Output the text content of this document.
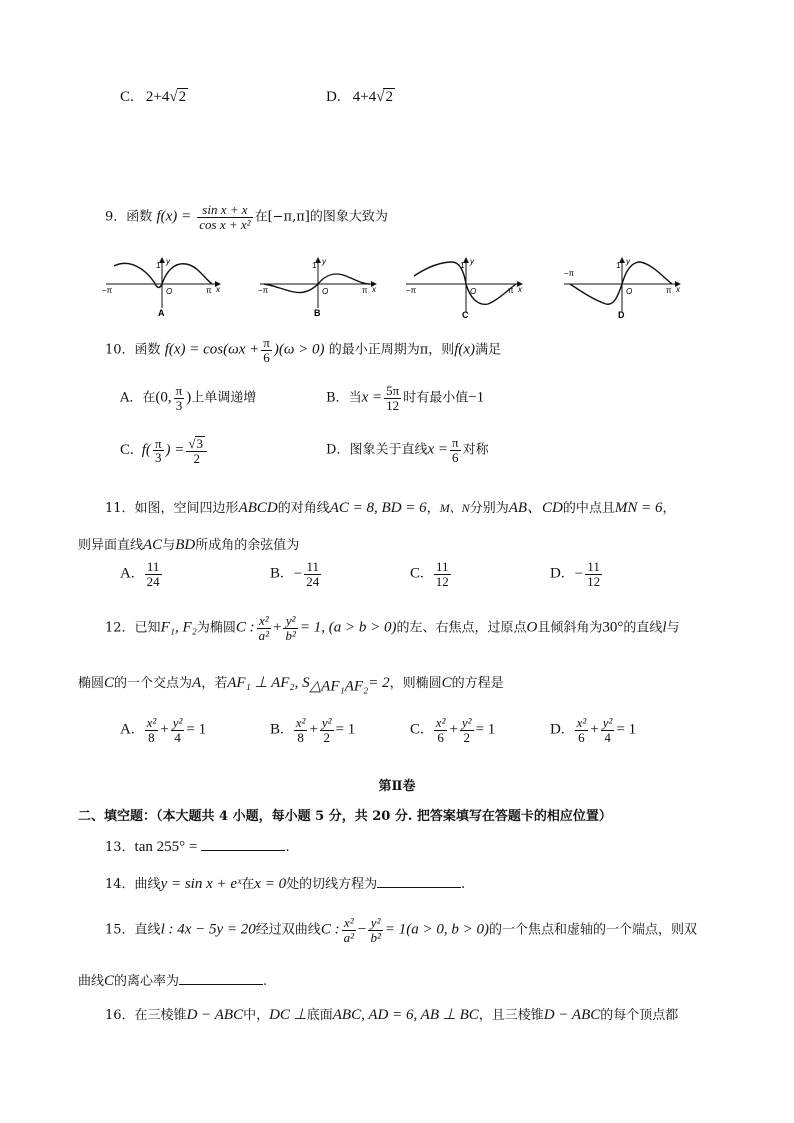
C. 2+4√2	D. 4+4√2
9．函数 $f(x) = \frac{\text{sin x + x}}{\text{cos x + x²}}$ 在[−π,π]的图象大致为
1
O
−π	π x
y
A
1
O
−π	π x
y
B
1
O
−π	π x
y
C
1
O
−π
π x
y
D
10．函数 $f(x) = \cos(\omega x + \frac{\pi}{6} )(\omega > 0)$ 的最小正周期为π，则f(x)满足
A．在(0, $\frac{\pi}{3}$ )上单调递增	B．当$x = \frac{5\pi}{12}$ 时有最小值−1
C. $f( \frac{\pi}{3}$ ) = $\frac{√3}{2}$	D．图象关于直线$x = \frac{\pi}{6}$ 对称
11．如图，空间四边形ABCD的对角线AC = 8, BD = 6，M、N分别为AB、CD的中点且MN = 6，
则异面直线AC与BD所成角的余弦值为
A. $\frac{11}{24}$	B. − $\frac{11}{24}$	C. $\frac{11}{12}$	D. − $\frac{11}{12}$
12．已知F₁, F₂为椭圆C : $\frac{\text{x²}}{\text{a²}} + \frac{\text{y²}}{\text{b²}} = 1$, (a > b > 0)的左、右焦点，过原点O且倾斜角为30°的直线l与
椭圆C的一个交点为A，若AF₁ ⊥ AF₂, $S_{\triangle AF_1AF_2}= 2$，则椭圆C的方程是
A. $\frac{\text{x²}}{8} + \frac{\text{y²}}{4} = 1$	B. $\frac{\text{x²}}{8} + \frac{\text{y²}}{2} = 1$	C. $\frac{\text{x²}}{6} + \frac{\text{y²}}{2} = 1$	D. $\frac{\text{x²}}{6} + \frac{\text{y²}}{4} = 1$
第Ⅱ卷
二、填空题：（本大题共 4 小题，每小题 5 分，共 20 分. 把答案填写在答题卡的相应位置）
13．tan 255° =	.
14．曲线y = sin x + eˣ在x = 0处的切线方程为	.
15．直线l : 4x − 5y = 20经过双曲线C : $\frac{\text{x²}}{\text{a²}} - \frac{\text{y²}}{\text{b²}} = 1(a > 0$, b > 0)的一个焦点和虚轴的一个端点，则双
曲线C的离心率为	.
16．在三棱锥D − ABC中，DC ⊥底面ABC, AD = 6, AB ⊥ BC，且三棱锥D − ABC的每个顶点都
